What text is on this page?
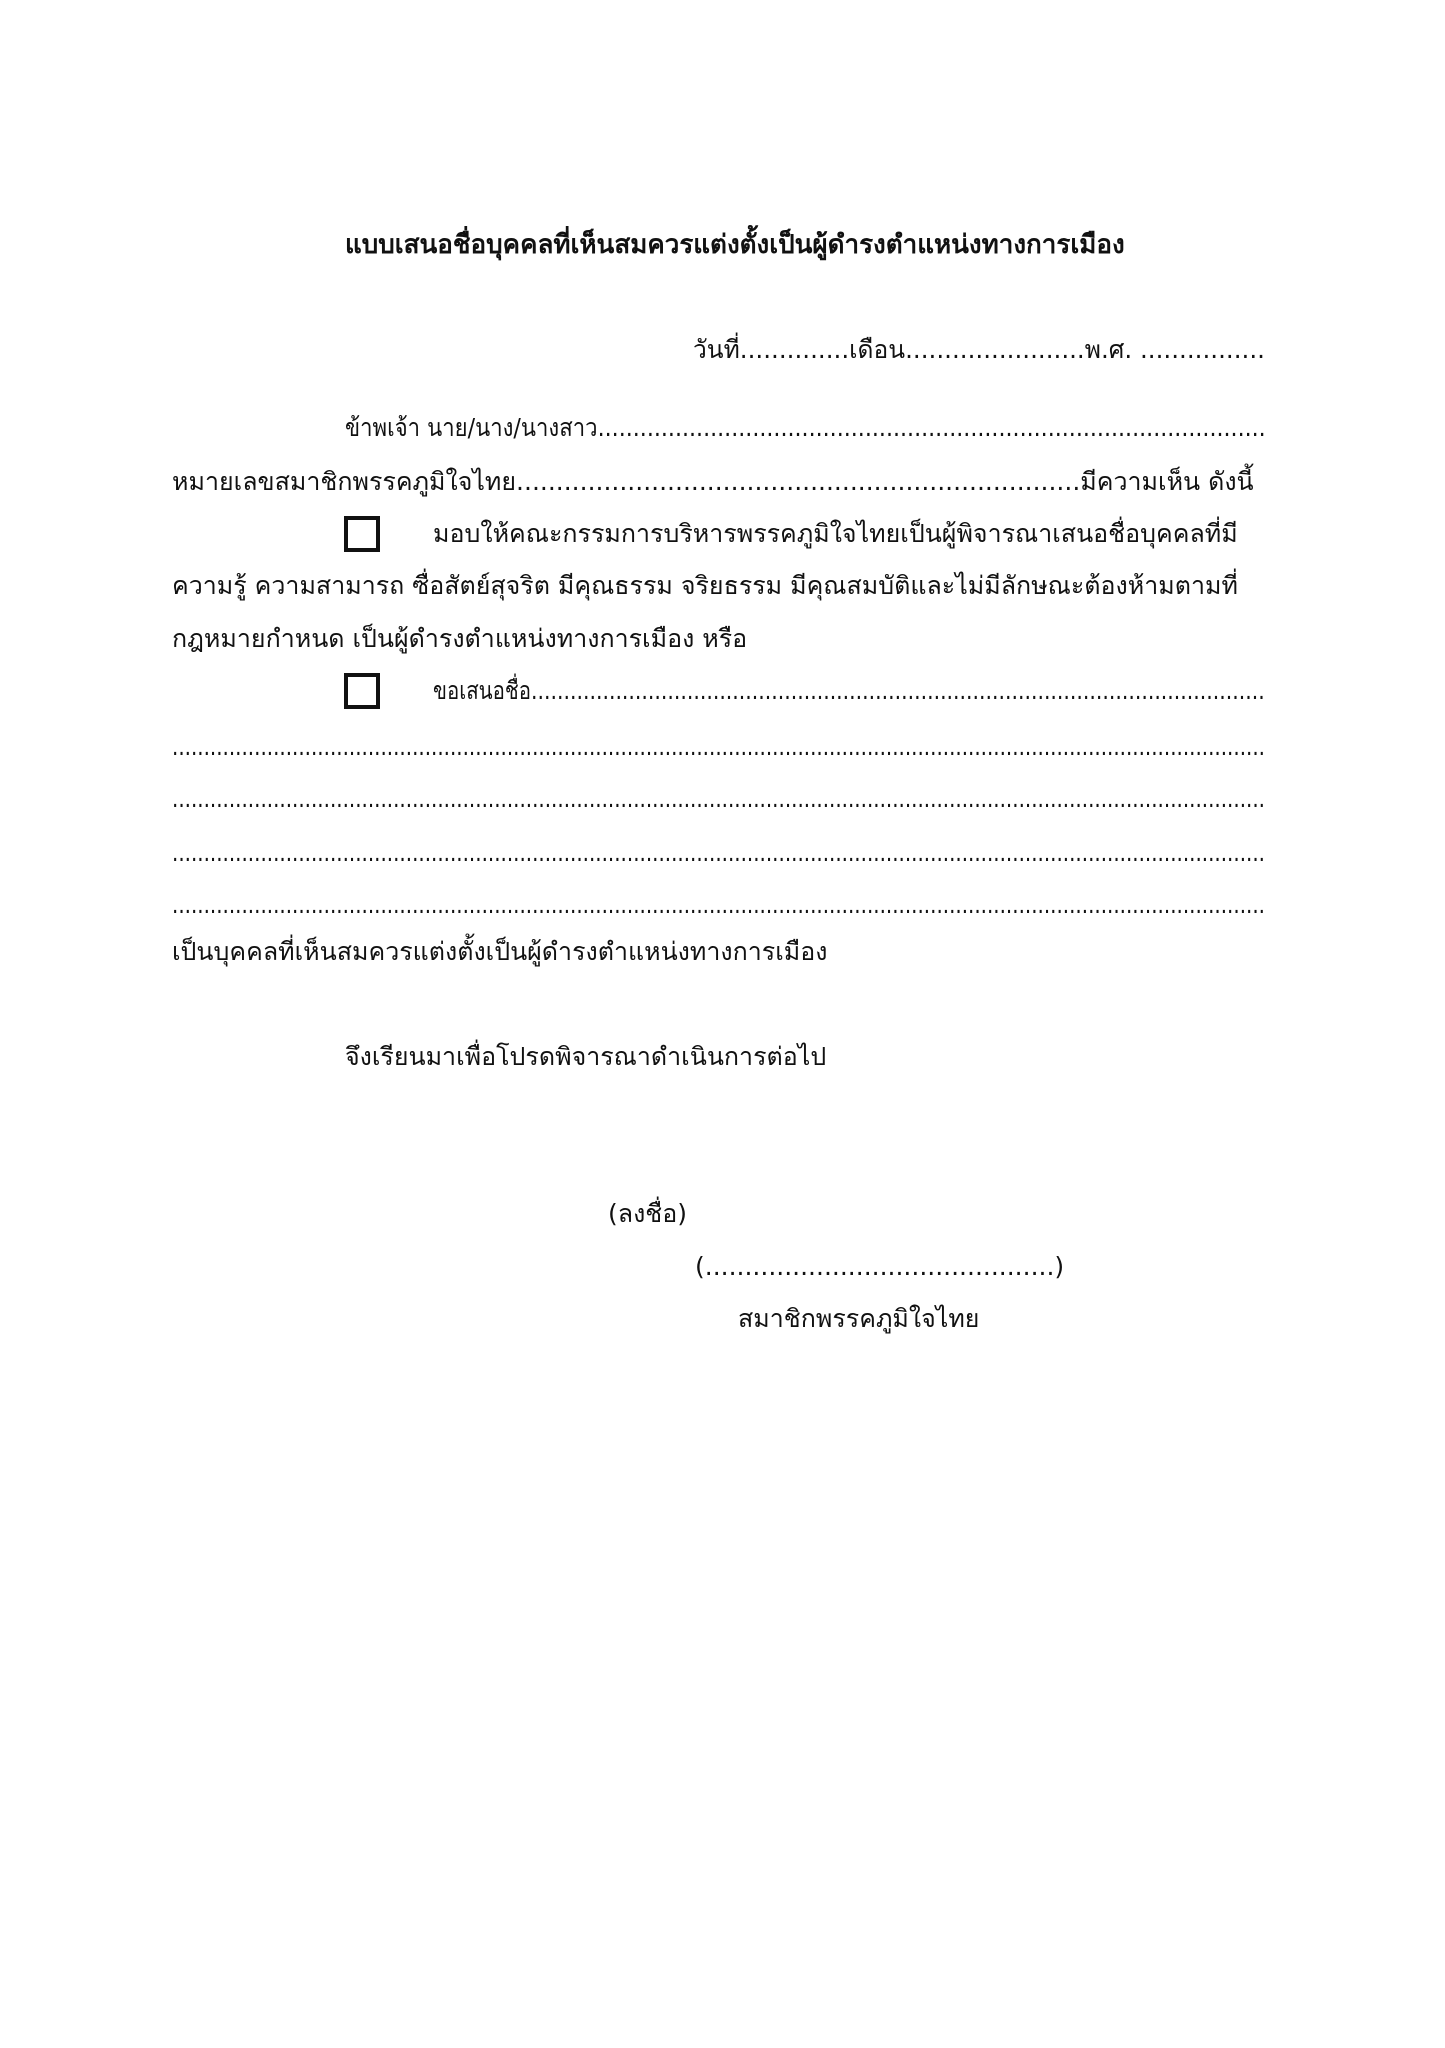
แบบเสนอชื่อบุคคลที่เห็นสมควรแต่งตั้งเป็นผู้ดำรงตำแหน่งทางการเมือง
วันที่..............เดือน.......................พ.ศ. ................
ข้าพเจ้า นาย/นาง/นางสาว...............................................................................................
หมายเลขสมาชิกพรรคภูมิใจไทย.......................................................................มีความเห็น ดังนี้
มอบให้คณะกรรมการบริหารพรรคภูมิใจไทยเป็นผู้พิจารณาเสนอชื่อบุคคลที่มี
ความรู้ ความสามารถ ซื่อสัตย์สุจริต มีคุณธรรม จริยธรรม มีคุณสมบัติและไม่มีลักษณะต้องห้ามตามที่
กฎหมายกำหนด เป็นผู้ดำรงตำแหน่งทางการเมือง หรือ
ขอเสนอชื่อ.................................................................................................................
.............................................................................................................................................................................
.............................................................................................................................................................................
.............................................................................................................................................................................
.............................................................................................................................................................................
เป็นบุคคลที่เห็นสมควรแต่งตั้งเป็นผู้ดำรงตำแหน่งทางการเมือง
จึงเรียนมาเพื่อโปรดพิจารณาดำเนินการต่อไป
(ลงชื่อ)
(............................................)
สมาชิกพรรคภูมิใจไทย
